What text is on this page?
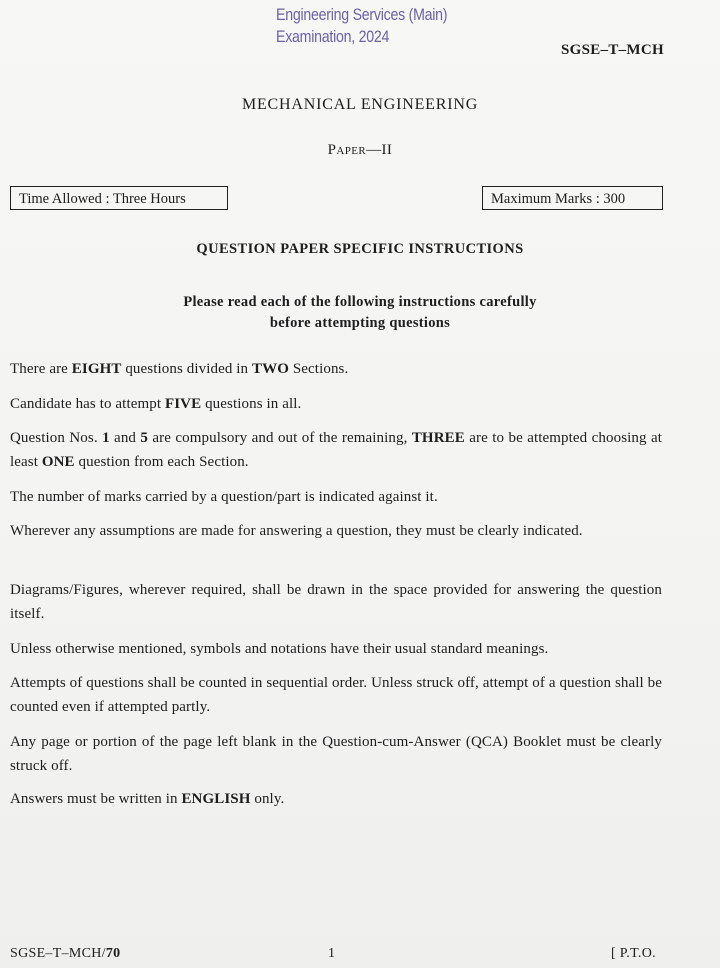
Engineering Services (Main)
Examination, 2024
SGSE–T–MCH
MECHANICAL ENGINEERING
Paper—II
Time Allowed : Three Hours	Maximum Marks : 300
QUESTION PAPER SPECIFIC INSTRUCTIONS
Please read each of the following instructions carefully
before attempting questions
There are EIGHT questions divided in TWO Sections.
Candidate has to attempt FIVE questions in all.
Question Nos. 1 and 5 are compulsory and out of the remaining, THREE are to be attempted choosing at least ONE question from each Section.
The number of marks carried by a question/part is indicated against it.
Wherever any assumptions are made for answering a question, they must be clearly indicated.
Diagrams/Figures, wherever required, shall be drawn in the space provided for answering the question itself.
Unless otherwise mentioned, symbols and notations have their usual standard meanings.
Attempts of questions shall be counted in sequential order. Unless struck off, attempt of a question shall be counted even if attempted partly.
Any page or portion of the page left blank in the Question-cum-Answer (QCA) Booklet must be clearly struck off.
Answers must be written in ENGLISH only.
SGSE–T–MCH/70	1	[ P.T.O.
